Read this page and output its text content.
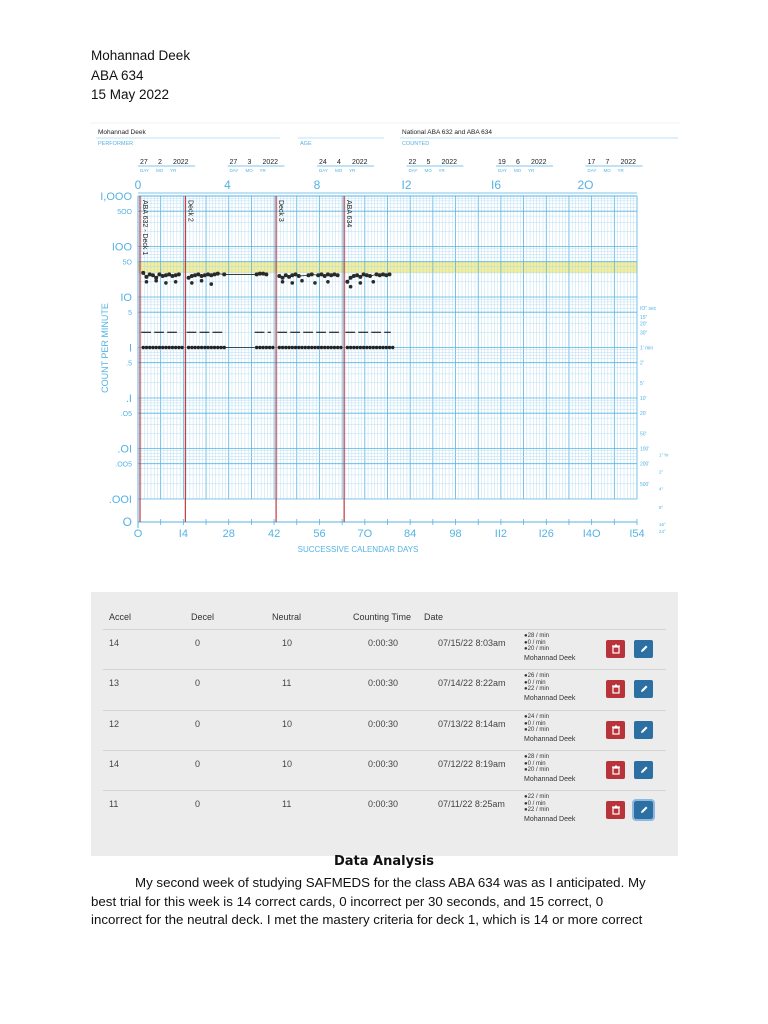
Mohannad Deek
ABA 634
15 May 2022
Mohannad Deek
PERFORMER	AGE
National ABA 632 and ABA 634
COUNTED
27 2 2022
DAY MO YR
27 3 2022
DAY MO YR
24 4 2022
DAY MO YR
22 5 2022
DAY MO YR
19 6 2022
DAY MO YR
17 7 2022
DAY MO YR
0	4	8	I2	I6	2O
I,OOO
5OO
IOO
5O
IO
5
I
.5
.I
.O5
.OI
.OO5
.OOI
O
COUNT PER MINUTE	IO" sec
15"
20"
30"
1' min
2'
5'
10'
20'
50'
100'
200'
500'
1° hr
2°
4°
8°
16°
24°
O	I4	28	42	56	7O	84	98	II2	I26	I4O	I54
SUCCESSIVE CALENDAR DAYS
ABA 632 - Deck 1	Deck 2	Deck 3	ABA 634
Accel	Decel	Neutral	Counting Time Date
14	0	10	0:00:30	07/15/22 8:03am
●28 / min
●0 / min
●20 / min
Mohannad Deek
13	0	11	0:00:30	07/14/22 8:22am
●26 / min
●0 / min
●22 / min
Mohannad Deek
12	0	10	0:00:30	07/13/22 8:14am
●24 / min
●0 / min
●20 / min
Mohannad Deek
14	0	10	0:00:30	07/12/22 8:19am
●28 / min
●0 / min
●20 / min
Mohannad Deek
11	0	11	0:00:30	07/11/22 8:25am
●22 / min
●0 / min
●22 / min
Mohannad Deek
Data Analysis
My second week of studying SAFMEDS for the class ABA 634 was as I anticipated. My
best trial for this week is 14 correct cards, 0 incorrect per 30 seconds, and 15 correct, 0
incorrect for the neutral deck. I met the mastery criteria for deck 1, which is 14 or more correct
